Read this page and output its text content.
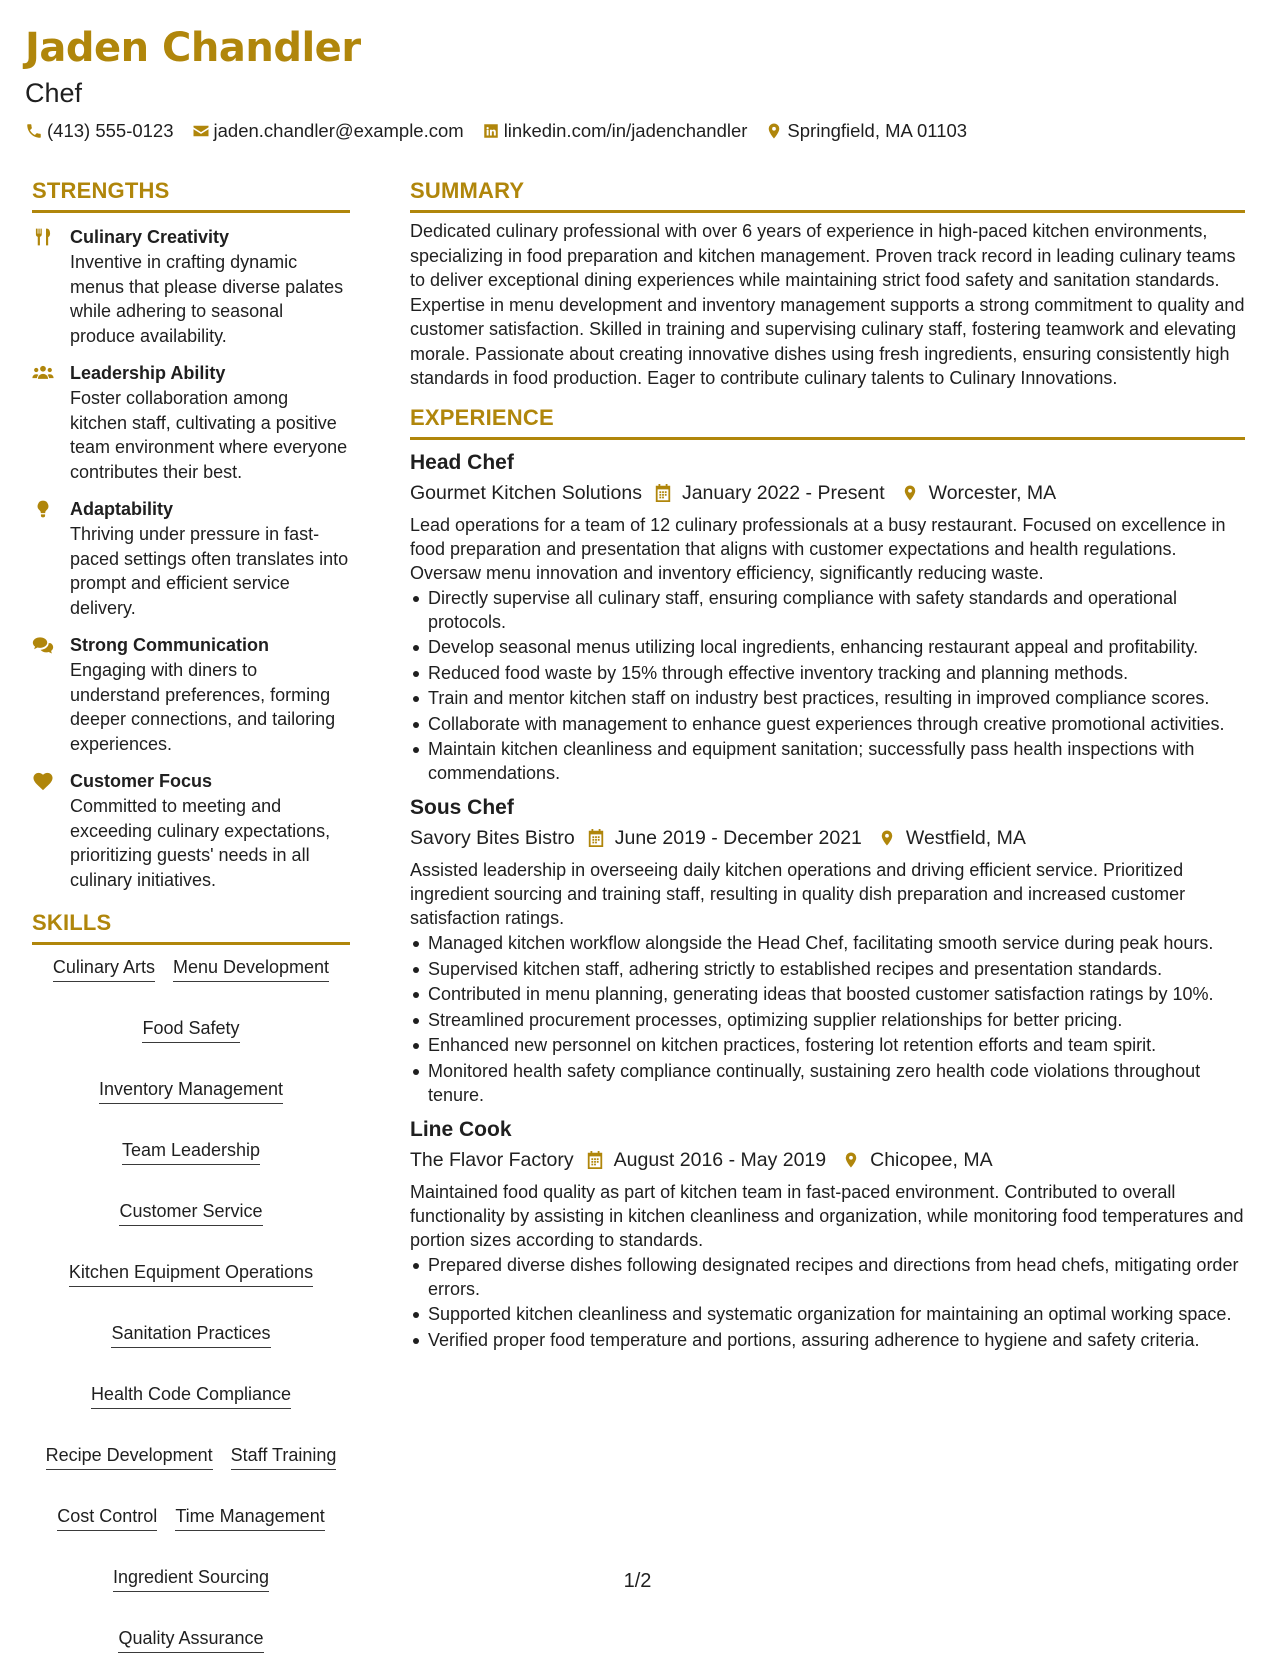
Jaden Chandler
Chef
(413) 555-0123 jaden.chandler@example.com linkedin.com/in/jadenchandler Springfield, MA 01103
STRENGTHS
Culinary Creativity
Inventive in crafting dynamic menus that please diverse palates while adhering to seasonal produce availability.
Leadership Ability
Foster collaboration among kitchen staff, cultivating a positive team environment where everyone contributes their best.
Adaptability
Thriving under pressure in fast-paced settings often translates into prompt and efficient service delivery.
Strong Communication
Engaging with diners to understand preferences, forming deeper connections, and tailoring experiences.
Customer Focus
Committed to meeting and exceeding culinary expectations, prioritizing guests' needs in all culinary initiatives.
SKILLS
Culinary Arts Menu Development
Food Safety
Inventory Management
Team Leadership
Customer Service
Kitchen Equipment Operations
Sanitation Practices
Health Code Compliance
Recipe Development Staff Training
Cost Control Time Management
Ingredient Sourcing
Quality Assurance
SUMMARY
Dedicated culinary professional with over 6 years of experience in high-paced kitchen environments, specializing in food preparation and kitchen management. Proven track record in leading culinary teams to deliver exceptional dining experiences while maintaining strict food safety and sanitation standards. Expertise in menu development and inventory management supports a strong commitment to quality and customer satisfaction. Skilled in training and supervising culinary staff, fostering teamwork and elevating morale. Passionate about creating innovative dishes using fresh ingredients, ensuring consistently high standards in food production. Eager to contribute culinary talents to Culinary Innovations.
EXPERIENCE
Head Chef
Gourmet Kitchen Solutions January 2022 - Present Worcester, MA
Lead operations for a team of 12 culinary professionals at a busy restaurant. Focused on excellence in food preparation and presentation that aligns with customer expectations and health regulations. Oversaw menu innovation and inventory efficiency, significantly reducing waste.
Directly supervise all culinary staff, ensuring compliance with safety standards and operational protocols.
Develop seasonal menus utilizing local ingredients, enhancing restaurant appeal and profitability.
Reduced food waste by 15% through effective inventory tracking and planning methods.
Train and mentor kitchen staff on industry best practices, resulting in improved compliance scores.
Collaborate with management to enhance guest experiences through creative promotional activities.
Maintain kitchen cleanliness and equipment sanitation; successfully pass health inspections with commendations.
Sous Chef
Savory Bites Bistro June 2019 - December 2021 Westfield, MA
Assisted leadership in overseeing daily kitchen operations and driving efficient service. Prioritized ingredient sourcing and training staff, resulting in quality dish preparation and increased customer satisfaction ratings.
Managed kitchen workflow alongside the Head Chef, facilitating smooth service during peak hours.
Supervised kitchen staff, adhering strictly to established recipes and presentation standards.
Contributed in menu planning, generating ideas that boosted customer satisfaction ratings by 10%.
Streamlined procurement processes, optimizing supplier relationships for better pricing.
Enhanced new personnel on kitchen practices, fostering lot retention efforts and team spirit.
Monitored health safety compliance continually, sustaining zero health code violations throughout tenure.
Line Cook
The Flavor Factory August 2016 - May 2019 Chicopee, MA
Maintained food quality as part of kitchen team in fast-paced environment. Contributed to overall functionality by assisting in kitchen cleanliness and organization, while monitoring food temperatures and portion sizes according to standards.
Prepared diverse dishes following designated recipes and directions from head chefs, mitigating order errors.
Supported kitchen cleanliness and systematic organization for maintaining an optimal working space.
Verified proper food temperature and portions, assuring adherence to hygiene and safety criteria.
1/2
